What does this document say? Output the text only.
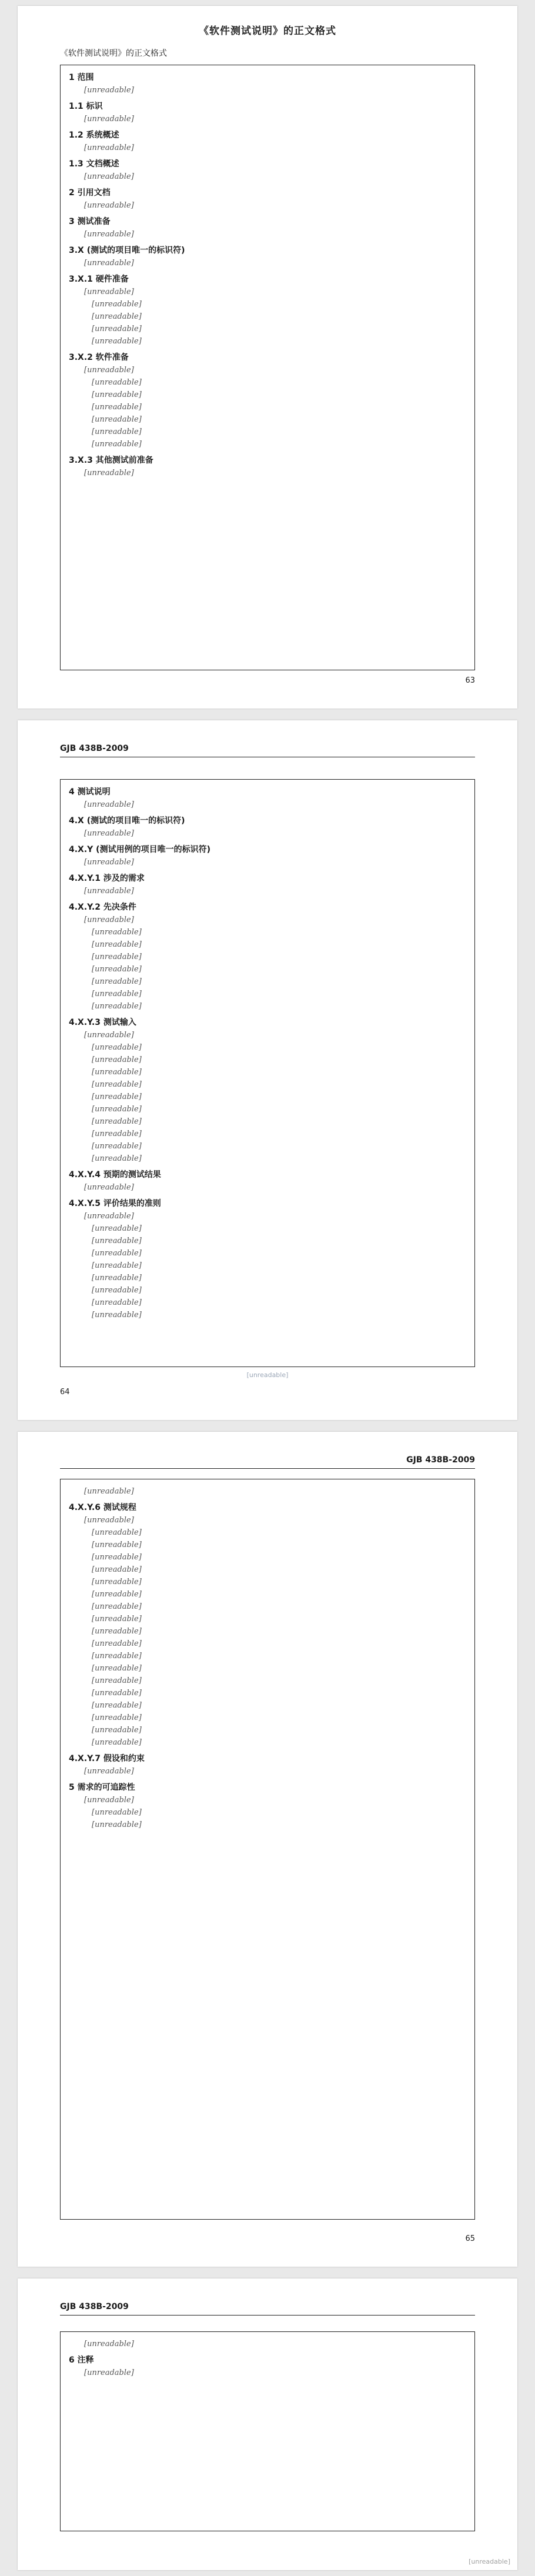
《软件测试说明》的正文格式
《软件测试说明》的正文格式
1 范围
[unreadable]
1.1 标识
[unreadable]
1.2 系统概述
[unreadable]
1.3 文档概述
[unreadable]
2 引用文档
[unreadable]
3 测试准备
[unreadable]
3.X (测试的项目唯一的标识符)
[unreadable]
3.X.1 硬件准备
[unreadable]
[unreadable]
[unreadable]
[unreadable]
[unreadable]
3.X.2 软件准备
[unreadable]
[unreadable]
[unreadable]
[unreadable]
[unreadable]
[unreadable]
[unreadable]
3.X.3 其他测试前准备
[unreadable]
63
GJB 438B-2009
4 测试说明
[unreadable]
4.X (测试的项目唯一的标识符)
[unreadable]
4.X.Y (测试用例的项目唯一的标识符)
[unreadable]
4.X.Y.1 涉及的需求
[unreadable]
4.X.Y.2 先决条件
[unreadable]
[unreadable]
[unreadable]
[unreadable]
[unreadable]
[unreadable]
[unreadable]
[unreadable]
4.X.Y.3 测试输入
[unreadable]
[unreadable]
[unreadable]
[unreadable]
[unreadable]
[unreadable]
[unreadable]
[unreadable]
[unreadable]
[unreadable]
[unreadable]
4.X.Y.4 预期的测试结果
[unreadable]
4.X.Y.5 评价结果的准则
[unreadable]
[unreadable]
[unreadable]
[unreadable]
[unreadable]
[unreadable]
[unreadable]
[unreadable]
[unreadable]
[unreadable]
64
GJB 438B-2009
[unreadable]
4.X.Y.6 测试规程
[unreadable]
[unreadable]
[unreadable]
[unreadable]
[unreadable]
[unreadable]
[unreadable]
[unreadable]
[unreadable]
[unreadable]
[unreadable]
[unreadable]
[unreadable]
[unreadable]
[unreadable]
[unreadable]
[unreadable]
[unreadable]
[unreadable]
4.X.Y.7 假设和约束
[unreadable]
5 需求的可追踪性
[unreadable]
[unreadable]
[unreadable]
65
GJB 438B-2009
[unreadable]
6 注释
[unreadable]
[unreadable]
